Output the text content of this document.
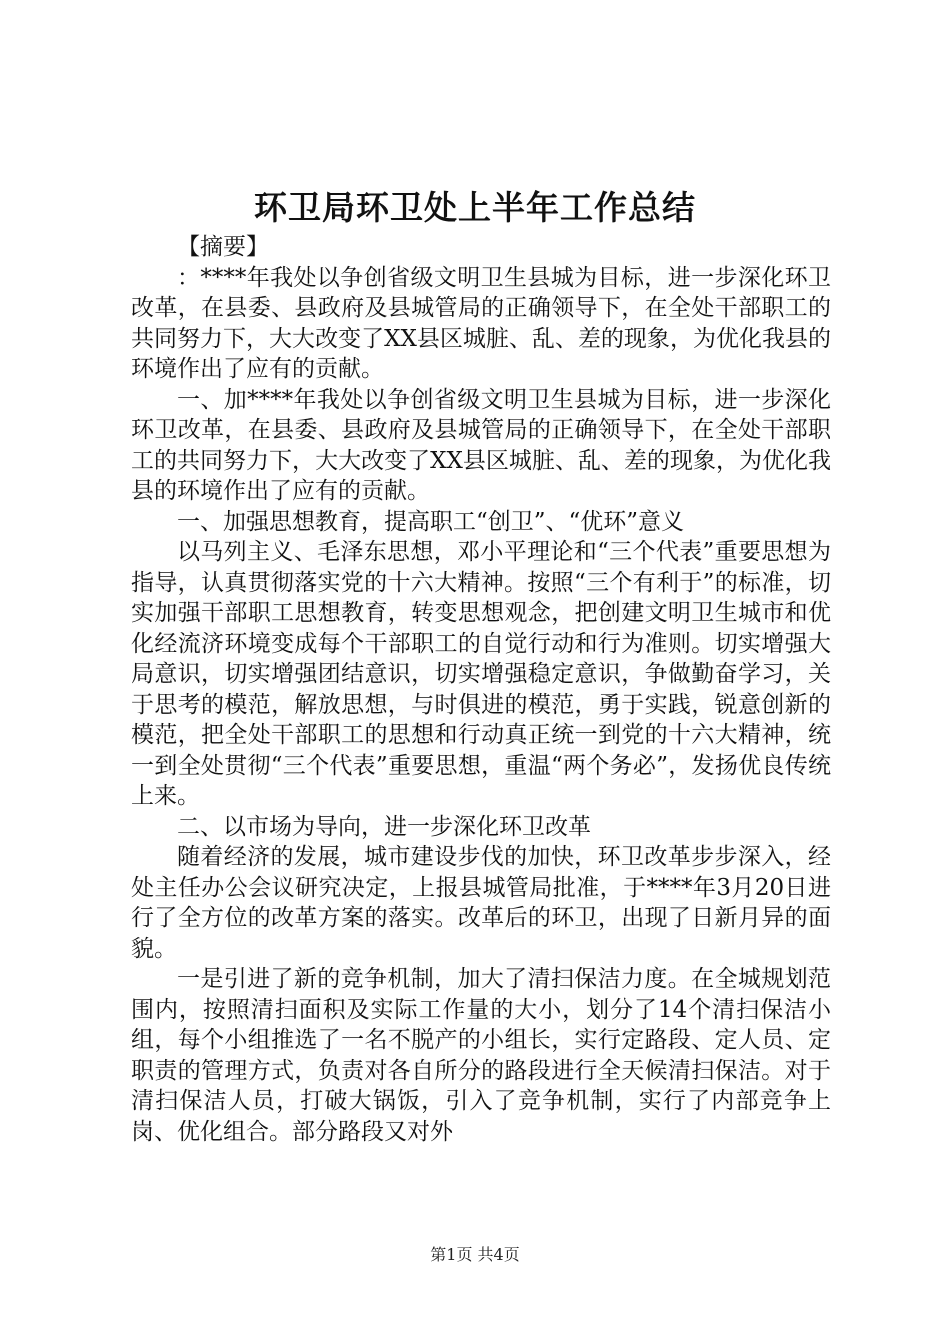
环卫局环卫处上半年工作总结

【摘要】

：****年我处以争创省级文明卫生县城为目标，进一步深化环卫改革，在县委、县政府及县城管局的正确领导下，在全处干部职工的共同努力下，大大改变了XX县区城脏、乱、差的现象，为优化我县的环境作出了应有的贡献。

一、加****年我处以争创省级文明卫生县城为目标，进一步深化环卫改革，在县委、县政府及县城管局的正确领导下，在全处干部职工的共同努力下，大大改变了XX县区城脏、乱、差的现象，为优化我县的环境作出了应有的贡献。

一、加强思想教育，提高职工“创卫”、“优环”意义

以马列主义、毛泽东思想，邓小平理论和“三个代表”重要思想为指导，认真贯彻落实党的十六大精神。按照“三个有利于”的标准，切实加强干部职工思想教育，转变思想观念，把创建文明卫生城市和优化经流济环境变成每个干部职工的自觉行动和行为准则。切实增强大局意识，切实增强团结意识，切实增强稳定意识，争做勤奋学习，关于思考的模范，解放思想，与时俱进的模范，勇于实践，锐意创新的模范，把全处干部职工的思想和行动真正统一到党的十六大精神，统一到全处贯彻“三个代表”重要思想，重温“两个务必”，发扬优良传统上来。

二、以市场为导向，进一步深化环卫改革

随着经济的发展，城市建设步伐的加快，环卫改革步步深入，经处主任办公会议研究决定，上报县城管局批准，于****年3月20日进行了全方位的改革方案的落实。改革后的环卫，出现了日新月异的面貌。

一是引进了新的竞争机制，加大了清扫保洁力度。在全城规划范围内，按照清扫面积及实际工作量的大小，划分了14个清扫保洁小组，每个小组推选了一名不脱产的小组长，实行定路段、定人员、定职责的管理方式，负责对各自所分的路段进行全天候清扫保洁。对于清扫保洁人员，打破大锅饭，引入了竞争机制，实行了内部竞争上岗、优化组合。部分路段又对外

第1页 共4页
